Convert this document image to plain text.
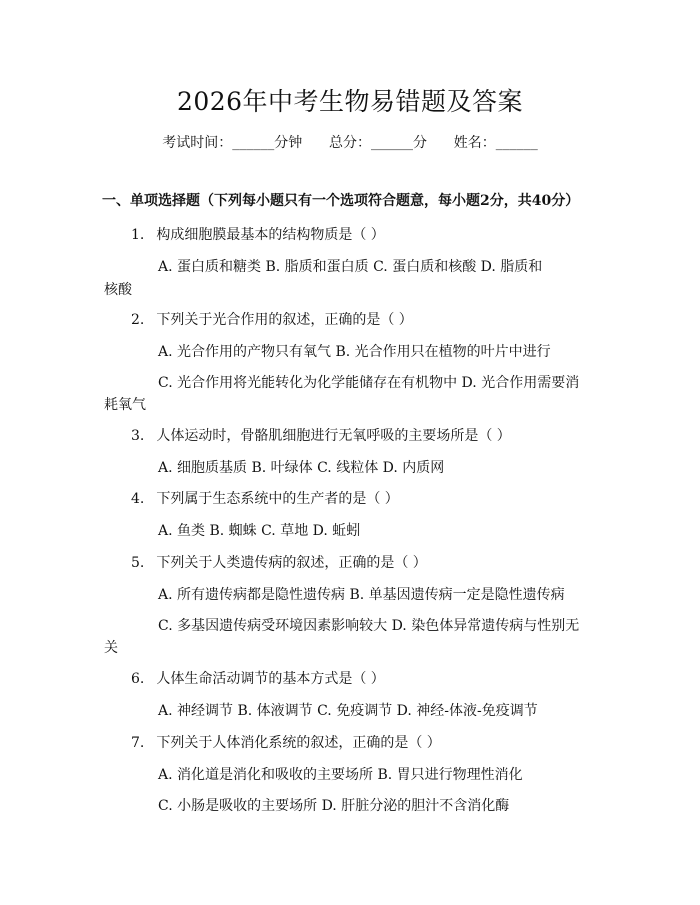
2026年中考生物易错题及答案
考试时间：______分钟      总分：______分      姓名：______
一、单项选择题（下列每小题只有一个选项符合题意，每小题2分，共40分）
1. 构成细胞膜最基本的结构物质是（ ）
A. 蛋白质和糖类 B. 脂质和蛋白质 C. 蛋白质和核酸 D. 脂质和
核酸
2. 下列关于光合作用的叙述，正确的是（ ）
A. 光合作用的产物只有氧气 B. 光合作用只在植物的叶片中进行
C. 光合作用将光能转化为化学能储存在有机物中 D. 光合作用需要消
耗氧气
3. 人体运动时，骨骼肌细胞进行无氧呼吸的主要场所是（ ）
A. 细胞质基质 B. 叶绿体 C. 线粒体 D. 内质网
4. 下列属于生态系统中的生产者的是（ ）
A. 鱼类 B. 蜘蛛 C. 草地 D. 蚯蚓
5. 下列关于人类遗传病的叙述，正确的是（ ）
A. 所有遗传病都是隐性遗传病 B. 单基因遗传病一定是隐性遗传病
C. 多基因遗传病受环境因素影响较大 D. 染色体异常遗传病与性别无
关
6. 人体生命活动调节的基本方式是（ ）
A. 神经调节 B. 体液调节 C. 免疫调节 D. 神经-体液-免疫调节
7. 下列关于人体消化系统的叙述，正确的是（ ）
A. 消化道是消化和吸收的主要场所 B. 胃只进行物理性消化
C. 小肠是吸收的主要场所 D. 肝脏分泌的胆汁不含消化酶
